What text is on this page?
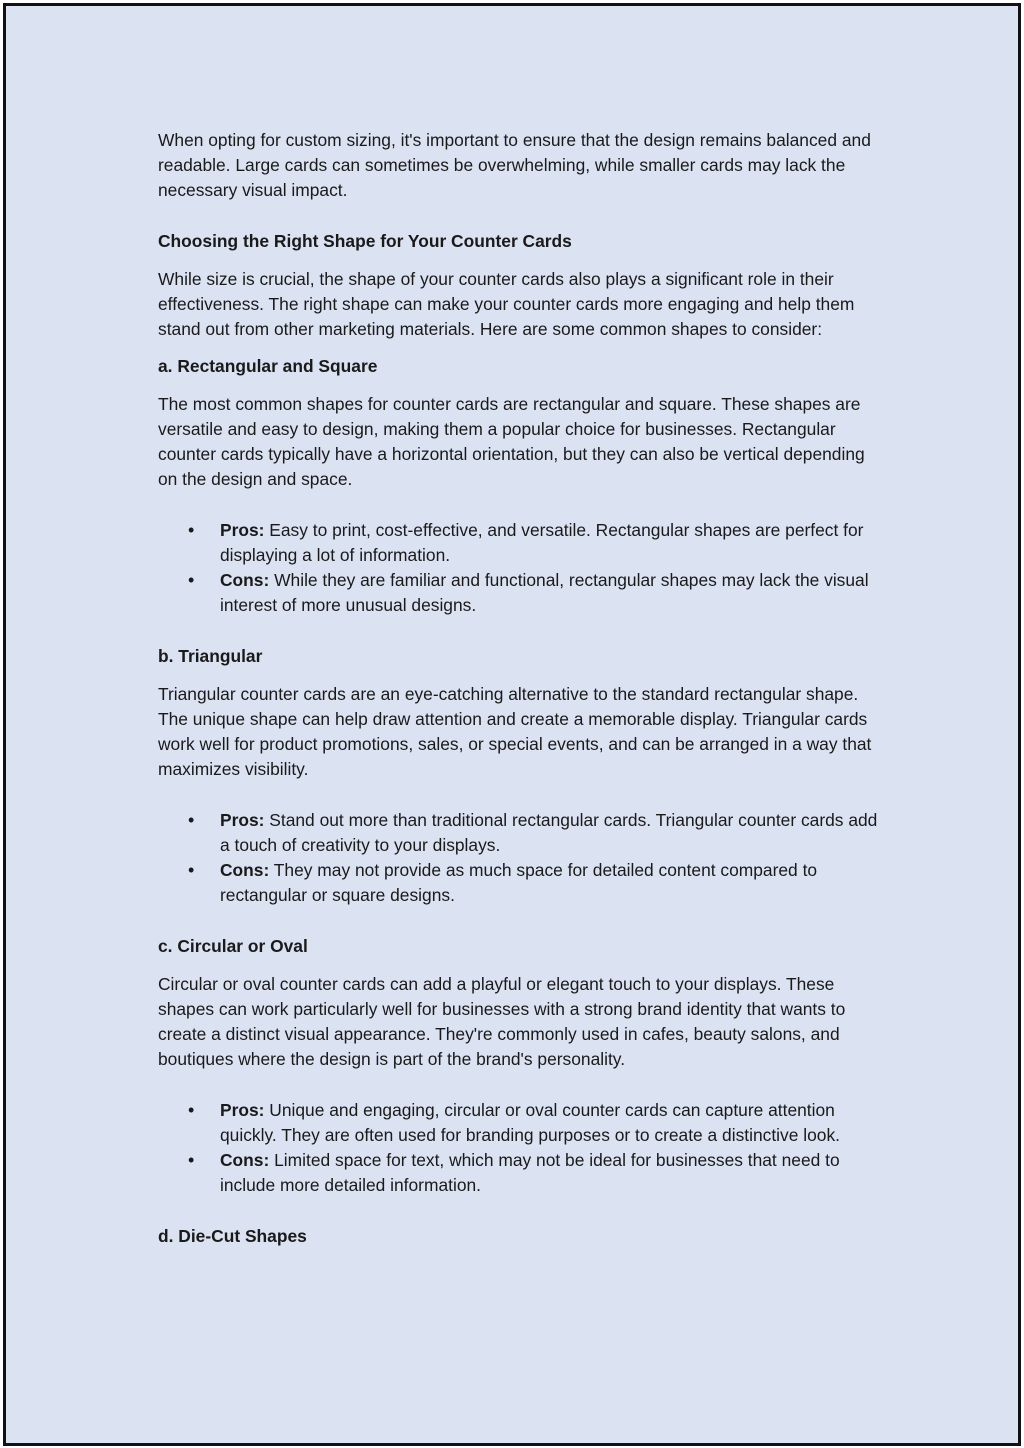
When opting for custom sizing, it's important to ensure that the design remains balanced and readable. Large cards can sometimes be overwhelming, while smaller cards may lack the necessary visual impact.

Choosing the Right Shape for Your Counter Cards

While size is crucial, the shape of your counter cards also plays a significant role in their effectiveness. The right shape can make your counter cards more engaging and help them stand out from other marketing materials. Here are some common shapes to consider:

a. Rectangular and Square

The most common shapes for counter cards are rectangular and square. These shapes are versatile and easy to design, making them a popular choice for businesses. Rectangular counter cards typically have a horizontal orientation, but they can also be vertical depending on the design and space.

• Pros: Easy to print, cost-effective, and versatile. Rectangular shapes are perfect for displaying a lot of information.
• Cons: While they are familiar and functional, rectangular shapes may lack the visual interest of more unusual designs.
b. Triangular

Triangular counter cards are an eye-catching alternative to the standard rectangular shape. The unique shape can help draw attention and create a memorable display. Triangular cards work well for product promotions, sales, or special events, and can be arranged in a way that maximizes visibility.

• Pros: Stand out more than traditional rectangular cards. Triangular counter cards add a touch of creativity to your displays.
• Cons: They may not provide as much space for detailed content compared to rectangular or square designs.
c. Circular or Oval

Circular or oval counter cards can add a playful or elegant touch to your displays. These shapes can work particularly well for businesses with a strong brand identity that wants to create a distinct visual appearance. They're commonly used in cafes, beauty salons, and boutiques where the design is part of the brand's personality.

• Pros: Unique and engaging, circular or oval counter cards can capture attention quickly. They are often used for branding purposes or to create a distinctive look.
• Cons: Limited space for text, which may not be ideal for businesses that need to include more detailed information.
d. Die-Cut Shapes
